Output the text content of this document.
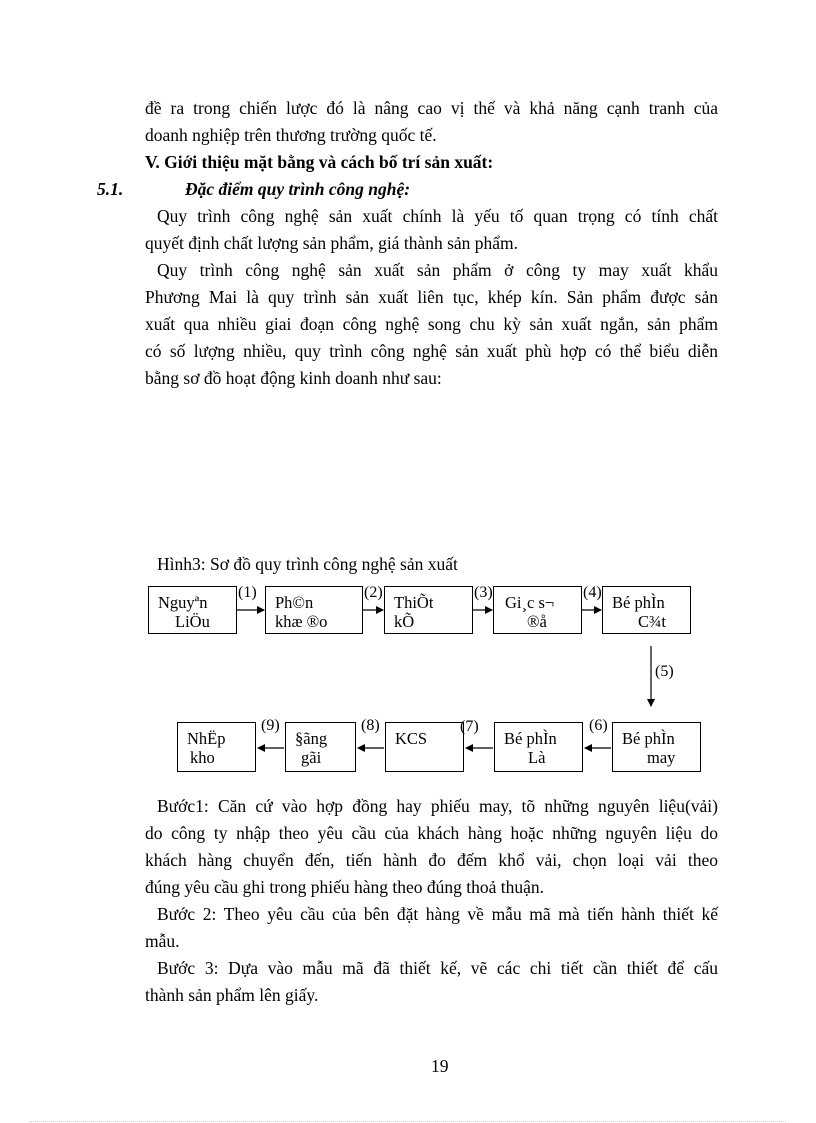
đề ra trong chiến lược đó là nâng cao vị thế và khả năng cạnh tranh của
doanh nghiệp trên thương trường quốc tế.
V. Giới thiệu mặt bằng và cách bố trí sản xuất:
5.1.	Đặc điểm quy trình công nghệ:
Quy trình công nghệ sản xuất chính là yếu tố quan trọng có tính chất
quyết định chất lượng sản phẩm, giá thành sản phẩm.
Quy trình công nghệ sản xuất sản phẩm ở công ty may xuất khẩu
Phương Mai là quy trình sản xuất liên tục, khép kín. Sản phẩm được sản
xuất qua nhiều giai đoạn công nghệ song chu kỳ sản xuất ngắn, sản phẩm
có số lượng nhiều, quy trình công nghệ sản xuất phù hợp có thể biểu diễn
bằng sơ đồ hoạt động kinh doanh như sau:
Hình3: Sơ đồ quy trình công nghệ sản xuất
Nguyªn
LiÖu
Ph©n
khæ ®o
ThiÕt
kÕ
Gi¸c s¬
®å
Bé phÌn
C¾t
Bé phÌn
may
Bé phÌn
Là
KCS
§ãng
gãi
NhËp
kho
(1)	(2)	(3)	(4)
(5)
(6)
(7)
(8)
(9)
Bước1: Căn cứ vào hợp đồng hay phiếu may, tõ những nguyên liệu(vải)
do công ty nhập theo yêu cầu của khách hàng hoặc những nguyên liệu do
khách hàng chuyển đến, tiến hành đo đếm khổ vải, chọn loại vải theo
đúng yêu cầu ghi trong phiếu hàng theo đúng thoả thuận.
Bước 2: Theo yêu cầu của bên đặt hàng về mẫu mã mà tiến hành thiết kế
mẫu.
Bước 3: Dựa vào mẫu mã đã thiết kế, vẽ các chi tiết cần thiết để cấu
thành sản phẩm lên giấy.
19
